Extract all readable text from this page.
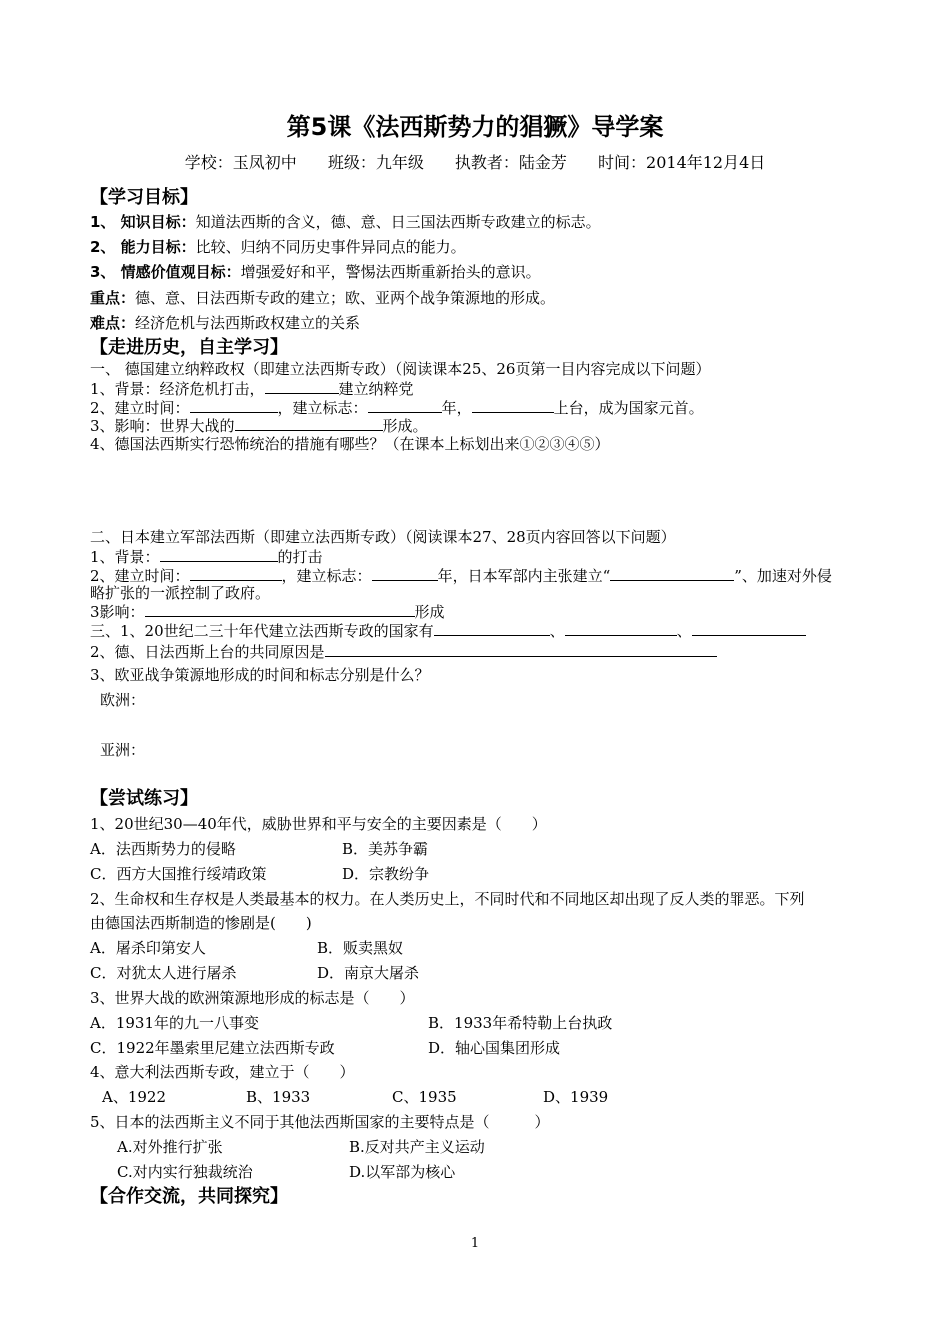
第5课《法西斯势力的猖獗》导学案
学校：玉凤初中 班级：九年级 执教者：陆金芳 时间：2014年12月4日
【学习目标】
1、 知识目标：知道法西斯的含义，德、意、日三国法西斯专政建立的标志。
2、 能力目标：比较、归纳不同历史事件异同点的能力。
3、 情感价值观目标：增强爱好和平，警惕法西斯重新抬头的意识。
重点：德、意、日法西斯专政的建立；欧、亚两个战争策源地的形成。
难点：经济危机与法西斯政权建立的关系
【走进历史，自主学习】
一、 德国建立纳粹政权（即建立法西斯专政）（阅读课本25、26页第一目内容完成以下问题）
1、背景：经济危机打击，	建立纳粹党
2、建立时间：	，建立标志：	年，	上台，成为国家元首。
3、影响：世界大战的	形成。
4、德国法西斯实行恐怖统治的措施有哪些？（在课本上标划出来①②③④⑤）
二、日本建立军部法西斯（即建立法西斯专政）（阅读课本27、28页内容回答以下问题）
1、背景：	的打击
2、建立时间：	，建立标志：	年，日本军部内主张建立“	”、加速对外侵
略扩张的一派控制了政府。
3影响：	形成
三、1、20世纪二三十年代建立法西斯专政的国家有	、	、
2、德、日法西斯上台的共同原因是
3、欧亚战争策源地形成的时间和标志分别是什么？
欧洲：
亚洲：
【尝试练习】
1、20世纪30—40年代，威胁世界和平与安全的主要因素是（　　）
A．法西斯势力的侵略	B．美苏争霸
C．西方大国推行绥靖政策	D．宗教纷争
2、生命权和生存权是人类最基本的权力。在人类历史上，不同时代和不同地区却出现了反人类的罪恶。下列
由德国法西斯制造的惨剧是(　　)
A．屠杀印第安人	B．贩卖黑奴
C．对犹太人进行屠杀	D．南京大屠杀
3、世界大战的欧洲策源地形成的标志是（　　）
A．1931年的九一八事变	B．1933年希特勒上台执政
C．1922年墨索里尼建立法西斯专政	D．轴心国集团形成
4、意大利法西斯专政，建立于（　　）
A、1922	B、1933	C、1935	D、1939
5、日本的法西斯主义不同于其他法西斯国家的主要特点是（　　　）
A.对外推行扩张	B.反对共产主义运动
C.对内实行独裁统治	D.以军部为核心
【合作交流，共同探究】
1
